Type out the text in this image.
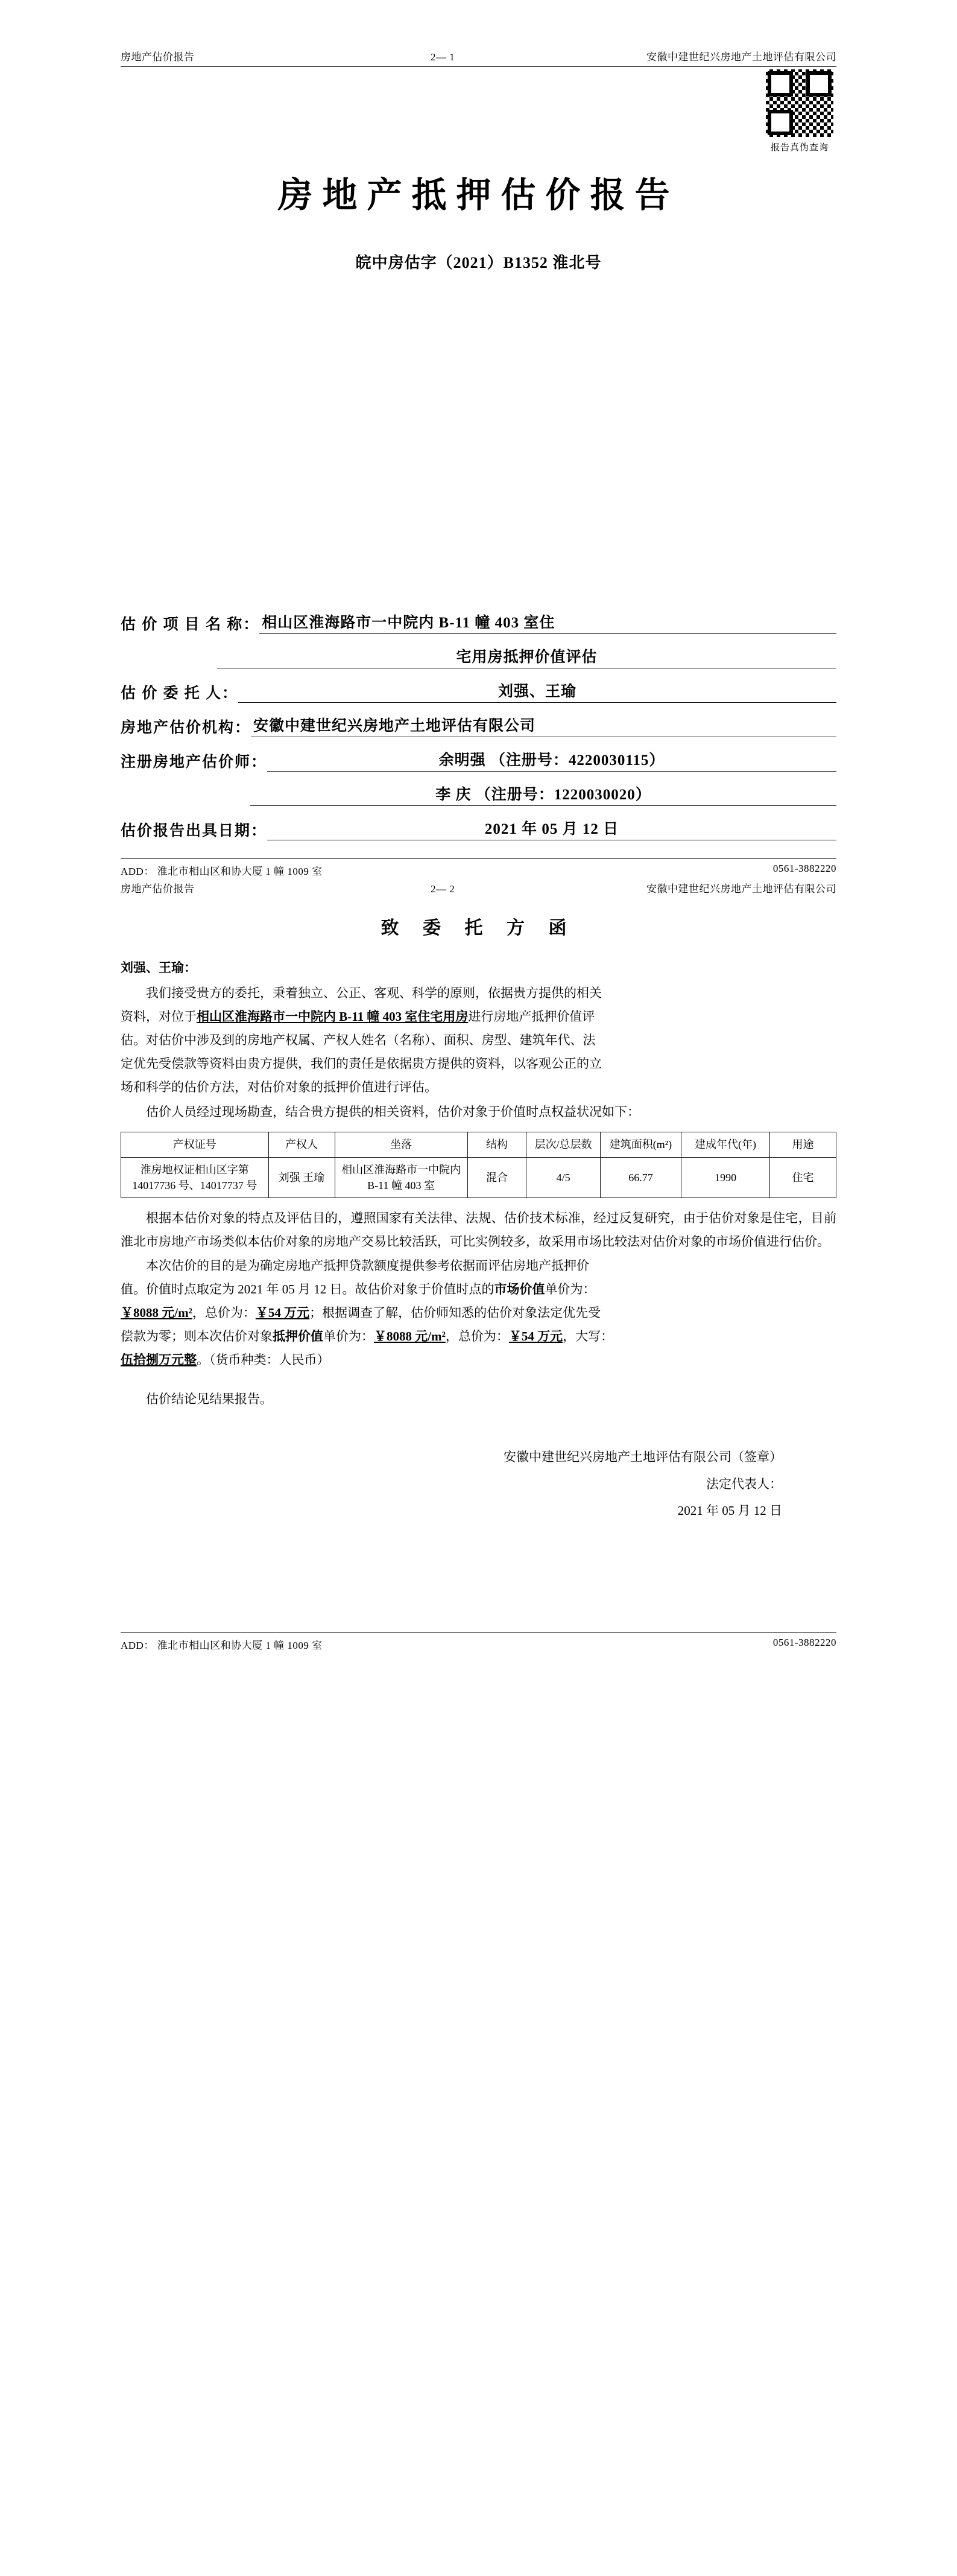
房地产估价报告	2— 1	安徽中建世纪兴房地产土地评估有限公司
报告真伪查询
房地产抵押估价报告
皖中房估字（2021）B1352 淮北号
估 价 项 目 名 称： 相山区淮海路市一中院内 B-11 幢 403 室住
宅用房抵押价值评估
估 价 委 托 人：	刘强、王瑜
房地产估价机构： 安徽中建世纪兴房地产土地评估有限公司
注册房地产估价师：	余明强 （注册号：4220030115）
李 庆 （注册号：1220030020）
估价报告出具日期：	2021 年 05 月 12 日
ADD： 淮北市相山区和协大厦 1 幢 1009 室	0561-3882220
房地产估价报告	2— 2	安徽中建世纪兴房地产土地评估有限公司
致 委 托 方 函
刘强、王瑜：

我们接受贵方的委托，秉着独立、公正、客观、科学的原则，依据贵方提供的相关
资料，对位于相山区淮海路市一中院内 B-11 幢 403 室住宅用房进行房地产抵押价值评
估。对估价中涉及到的房地产权属、产权人姓名（名称）、面积、房型、建筑年代、法
定优先受偿款等资料由贵方提供，我们的责任是依据贵方提供的资料，以客观公正的立
场和科学的估价方法，对估价对象的抵押价值进行评估。

估价人员经过现场勘查，结合贵方提供的相关资料，估价对象于价值时点权益状况如下：

产权证号	产权人	坐落	结构	层次/总层数	建筑面积(m²)	建成年代(年)	用途
淮房地权证相山区字第 14017736 号、14017737 号	刘强 王瑜	相山区淮海路市一中院内 B-11 幢 403 室	混合	4/5	66.77	1990	住宅

根据本估价对象的特点及评估目的，遵照国家有关法律、法规、估价技术标准，经过反复研究，由于估价对象是住宅，目前淮北市房地产市场类似本估价对象的房地产交易比较活跃，可比实例较多，故采用市场比较法对估价对象的市场价值进行估价。

本次估价的目的是为确定房地产抵押贷款额度提供参考依据而评估房地产抵押价
值。价值时点取定为 2021 年 05 月 12 日。故估价对象于价值时点的市场价值单价为：
￥8088 元/m²，总价为：￥54 万元；根据调查了解，估价师知悉的估价对象法定优先受
偿款为零；则本次估价对象抵押价值单价为：￥8088 元/m²，总价为：￥54 万元，大写：
伍拾捌万元整。（货币种类：人民币）

估价结论见结果报告。

安徽中建世纪兴房地产土地评估有限公司（签章）
法定代表人：
2021 年 05 月 12 日
ADD： 淮北市相山区和协大厦 1 幢 1009 室	0561-3882220
